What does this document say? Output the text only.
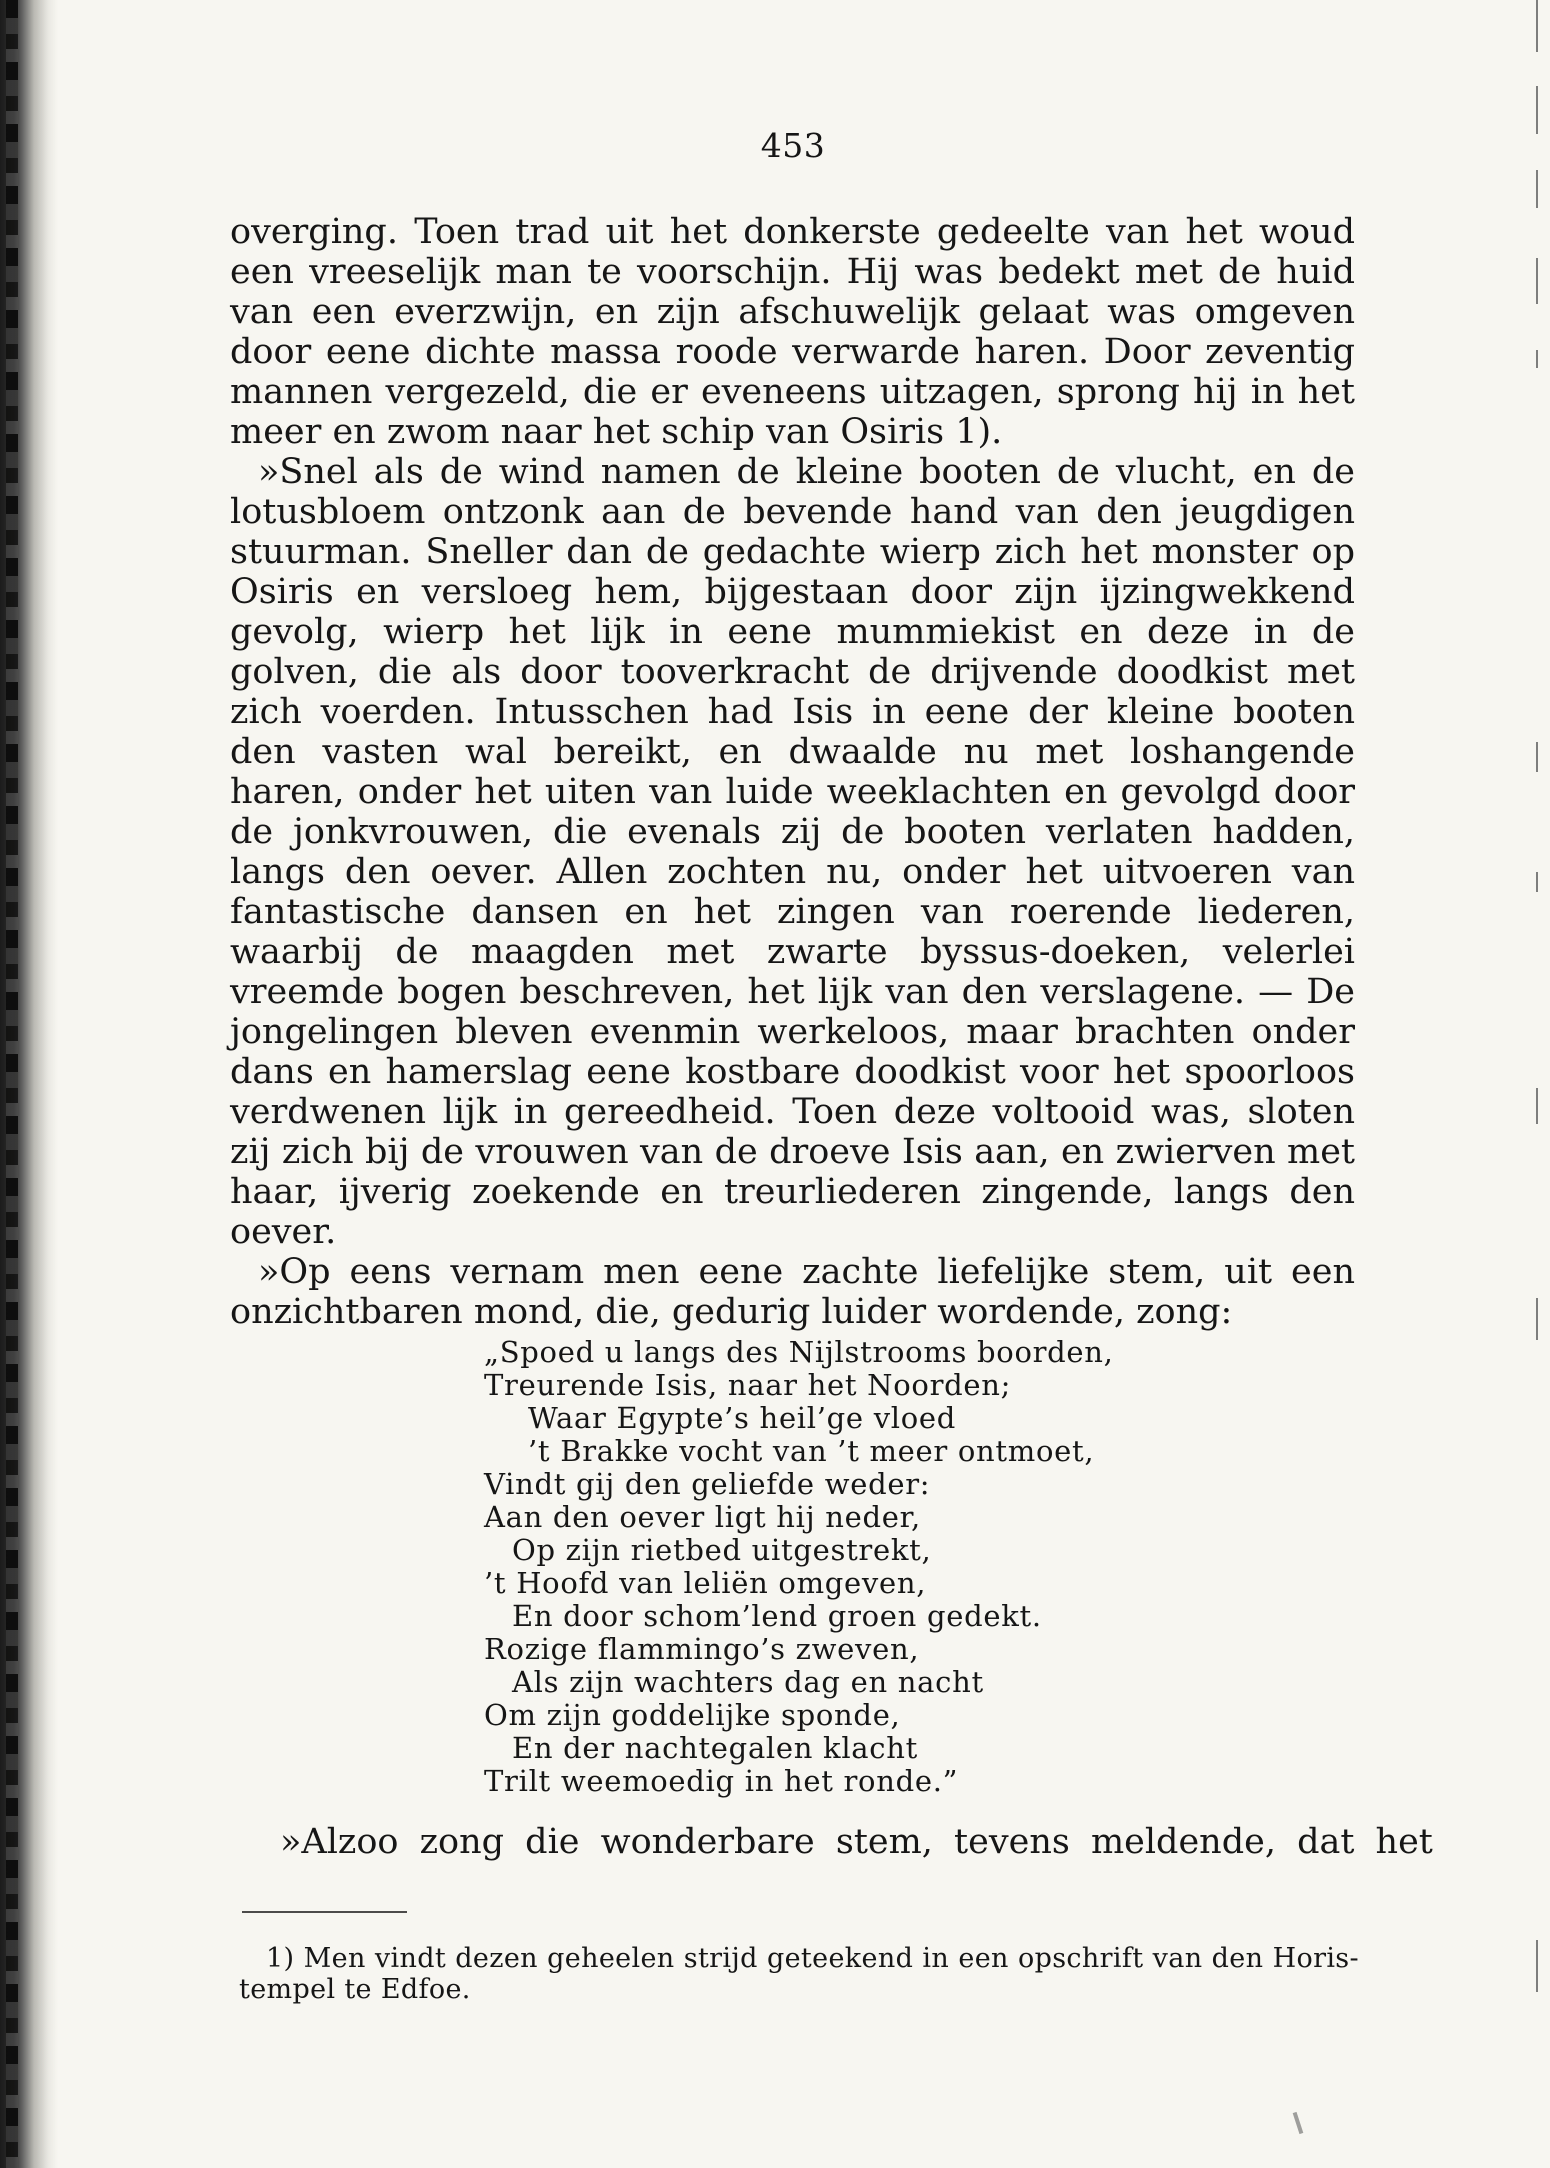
453

overging. Toen trad uit het donkerste gedeelte van het woud een vreeselijk man te voorschijn. Hij was bedekt met de huid van een everzwijn, en zijn afschuwelijk gelaat was omgeven door eene dichte massa roode verwarde haren. Door zeventig mannen vergezeld, die er eveneens uitzagen, sprong hij in het meer en zwom naar het schip van Osiris 1).

»Snel als de wind namen de kleine booten de vlucht, en de lotusbloem ontzonk aan de bevende hand van den jeugdigen stuurman. Sneller dan de gedachte wierp zich het monster op Osiris en versloeg hem, bijgestaan door zijn ijzingwekkend gevolg, wierp het lijk in eene mummiekist en deze in de golven, die als door tooverkracht de drijvende doodkist met zich voerden. Intusschen had Isis in eene der kleine booten den vasten wal bereikt, en dwaalde nu met loshangende haren, onder het uiten van luide weeklachten en gevolgd door de jonkvrouwen, die evenals zij de booten verlaten hadden, langs den oever. Allen zochten nu, onder het uitvoeren van fantastische dansen en het zingen van roerende liederen, waarbij de maagden met zwarte byssus-doeken, velerlei vreemde bogen beschreven, het lijk van den verslagene. — De jongelingen bleven evenmin werkeloos, maar brachten onder dans en hamerslag eene kostbare doodkist voor het spoorloos verdwenen lijk in gereedheid. Toen deze voltooid was, sloten zij zich bij de vrouwen van de droeve Isis aan, en zwierven met haar, ijverig zoekende en treurliederen zingende, langs den oever.

»Op eens vernam men eene zachte liefelijke stem, uit een onzichtbaren mond, die, gedurig luider wordende, zong:

„Spoed u langs des Nijlstrooms boorden,
Treurende Isis, naar het Noorden;
Waar Egypte’s heil’ge vloed
’t Brakke vocht van ’t meer ontmoet,
Vindt gij den geliefde weder:
Aan den oever ligt hij neder,
Op zijn rietbed uitgestrekt,
’t Hoofd van leliën omgeven,
En door schom’lend groen gedekt.
Rozige flammingo’s zweven,
Als zijn wachters dag en nacht
Om zijn goddelijke sponde,
En der nachtegalen klacht
Trilt weemoedig in het ronde.”
»Alzoo zong die wonderbare stem, tevens meldende, dat het

1) Men vindt dezen geheelen strijd geteekend in een opschrift van den Horis-tempel te Edfoe.
